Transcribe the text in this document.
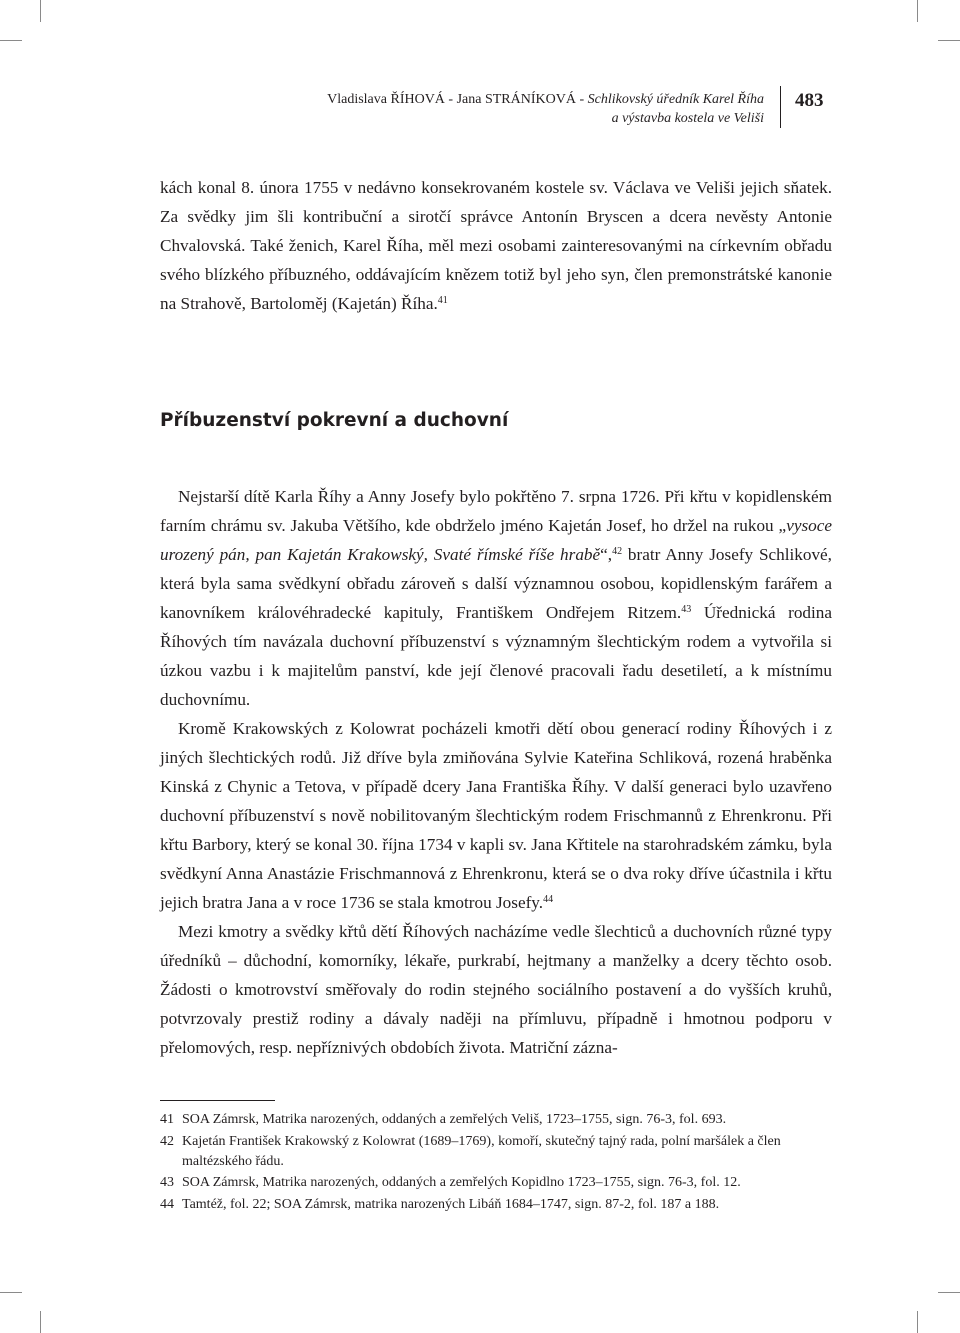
Vladislava ŘÍHOVÁ - Jana STRÁNÍKOVÁ - Schlikovský úředník Karel Říha
a výstavba kostela ve Veliši
483

kách konal 8. února 1755 v nedávno konsekrovaném kostele sv. Václava ve Veliši jejich sňatek. Za svědky jim šli kontribuční a sirotčí správce Antonín Bryscen a dcera nevěsty Antonie Chvalovská. Také ženich, Karel Říha, měl mezi osobami zainteresovanými na církevním obřadu svého blízkého příbuzného, oddávajícím knězem totiž byl jeho syn, člen premonstrátské kanonie na Strahově, Bartoloměj (Kajetán) Říha.$^{41}$

Příbuzenství pokrevní a duchovní

Nejstarší dítě Karla Říhy a Anny Josefy bylo pokřtěno 7. srpna 1726. Při křtu v kopidlenském farním chrámu sv. Jakuba Většího, kde obdrželo jméno Kajetán Josef, ho držel na rukou „vysoce urozený pán, pan Kajetán Krakowský, Svaté římské říše hrabě“,$^{42}$ bratr Anny Josefy Schlikové, která byla sama svědkyní obřadu zároveň s další významnou osobou, kopidlenským farářem a kanovníkem královéhradecké kapituly, Františkem Ondřejem Ritzem.$^{43}$ Úřednická rodina Říhových tím navázala duchovní příbuzenství s významným šlechtickým rodem a vytvořila si úzkou vazbu i k majitelům panství, kde její členové pracovali řadu desetiletí, a k místnímu duchovnímu.

Kromě Krakowských z Kolowrat pocházeli kmotři dětí obou generací rodiny Říhových i z jiných šlechtických rodů. Již dříve byla zmiňována Sylvie Kateřina Schliková, rozená hraběnka Kinská z Chynic a Tetova, v případě dcery Jana Františka Říhy. V další generaci bylo uzavřeno duchovní příbuzenství s nově nobilitovaným šlechtickým rodem Frischmannů z Ehrenkronu. Při křtu Barbory, který se konal 30. října 1734 v kapli sv. Jana Křtitele na starohradském zámku, byla svědkyní Anna Anastázie Frischmannová z Ehrenkronu, která se o dva roky dříve účastnila i křtu jejich bratra Jana a v roce 1736 se stala kmotrou Josefy.$^{44}$

Mezi kmotry a svědky křtů dětí Říhových nacházíme vedle šlechticů a duchovních různé typy úředníků – důchodní, komorníky, lékaře, purkrabí, hejtmany a manželky a dcery těchto osob. Žádosti o kmotrovství směřovaly do rodin stejného sociálního postavení a do vyšších kruhů, potvrzovaly prestiž rodiny a dávaly naději na přímluvu, případně i hmotnou podporu v přelomových, resp. nepříznivých obdobích života. Matriční zázna-

41 SOA Zámrsk, Matrika narozených, oddaných a zemřelých Veliš, 1723–1755, sign. 76-3, fol. 693.
42 Kajetán František Krakowský z Kolowrat (1689–1769), komoří, skutečný tajný rada, polní maršálek a člen maltézského řádu.
43 SOA Zámrsk, Matrika narozených, oddaných a zemřelých Kopidlno 1723–1755, sign. 76-3, fol. 12.
44 Tamtéž, fol. 22; SOA Zámrsk, matrika narozených Libáň 1684–1747, sign. 87-2, fol. 187 a 188.
